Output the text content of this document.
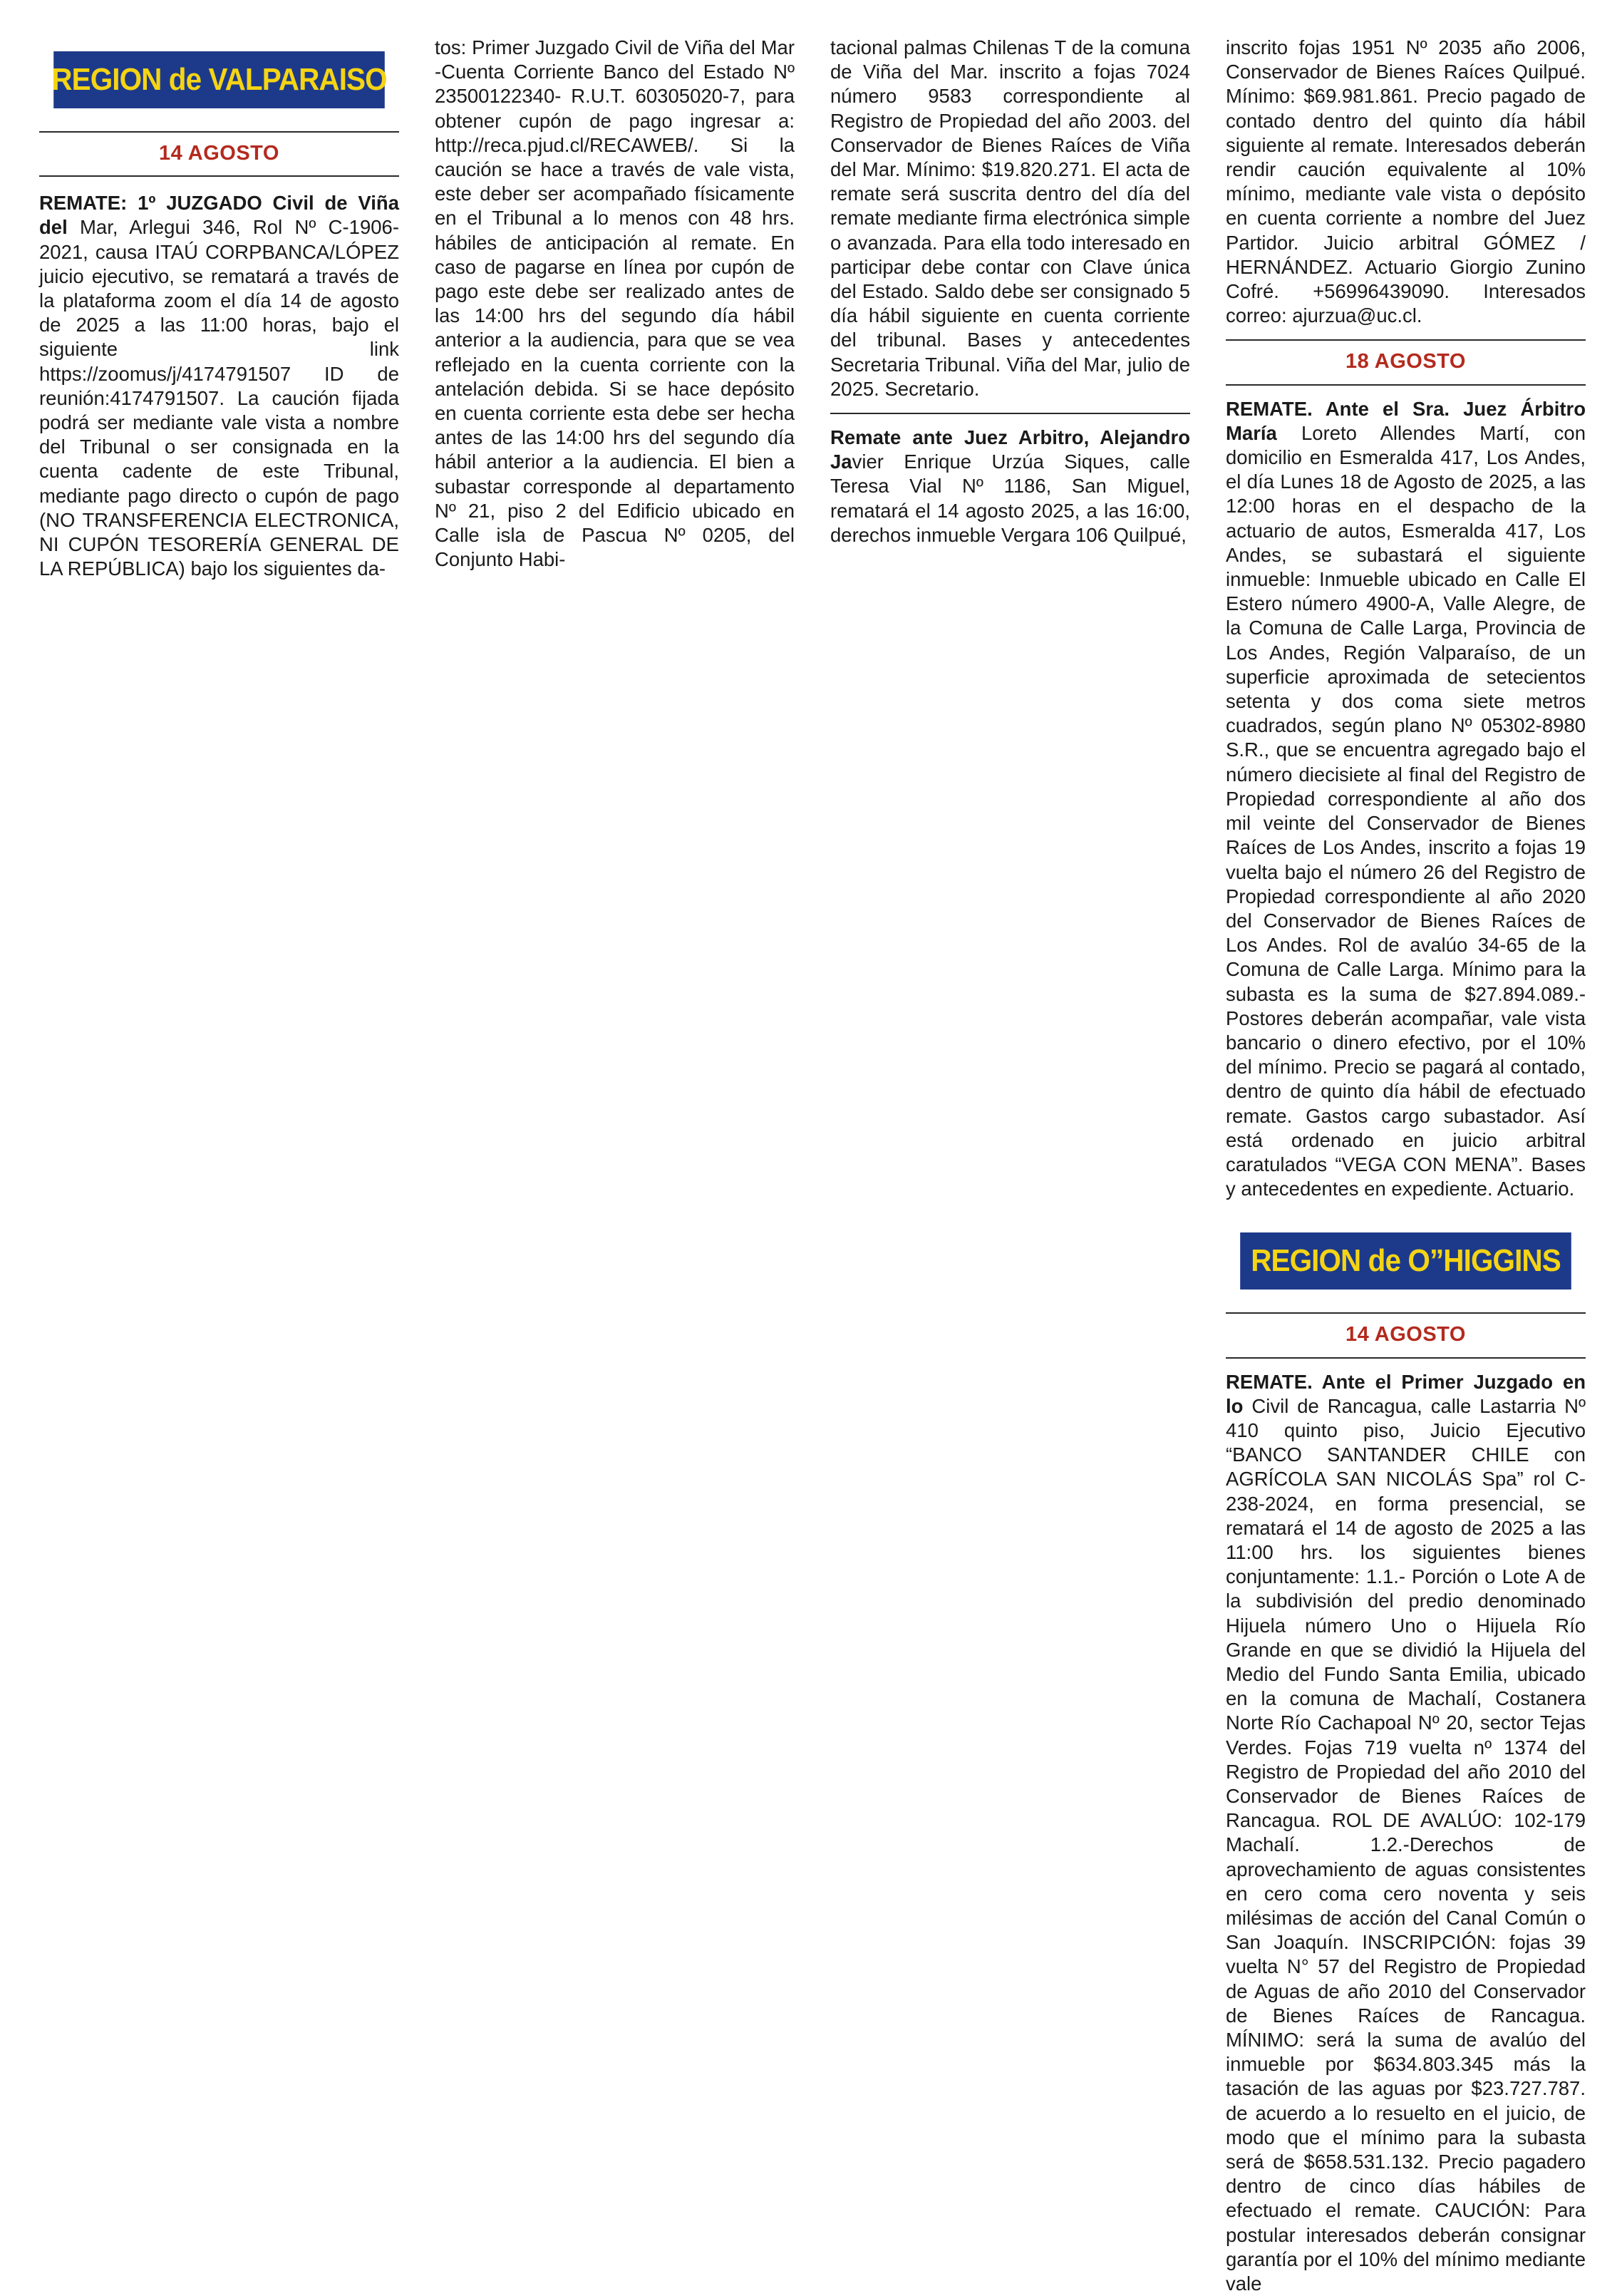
REGION de VALPARAISO
14 AGOSTO

REMATE: 1º JUZGADO Civil de Viña del Mar, Arlegui 346, Rol Nº C-1906-2021, causa ITAÚ CORPBANCA/LÓPEZ juicio ejecutivo, se rematará a través de la plataforma zoom el día 14 de agosto de 2025 a las 11:00 horas, bajo el siguiente link https://zoomus/j/4174791507 ID de reunión:4174791507. La caución fijada podrá ser mediante vale vista a nombre del Tribunal o ser consignada en la cuenta cadente de este Tribunal, mediante pago directo o cupón de pago (NO TRANSFERENCIA ELECTRONICA, NI CUPÓN TESORERÍA GENERAL DE LA REPÚBLICA) bajo los siguientes da-

tos: Primer Juzgado Civil de Viña del Mar -Cuenta Corriente Banco del Estado Nº 23500122340- R.U.T. 60305020-7, para obtener cupón de pago ingresar a: http://reca.pjud.cl/RECAWEB/. Si la caución se hace a través de vale vista, este deber ser acompañado físicamente en el Tribunal a lo menos con 48 hrs. hábiles de anticipación al remate. En caso de pagarse en línea por cupón de pago este debe ser realizado antes de las 14:00 hrs del segundo día hábil anterior a la audiencia, para que se vea reflejado en la cuenta corriente con la antelación debida. Si se hace depósito en cuenta corriente esta debe ser hecha antes de las 14:00 hrs del segundo día hábil anterior a la audiencia. El bien a subastar corresponde al departamento Nº 21, piso 2 del Edificio ubicado en Calle isla de Pascua Nº 0205, del Conjunto Habi-

tacional palmas Chilenas T de la comuna de Viña del Mar. inscrito a fojas 7024 número 9583 correspondiente al Registro de Propiedad del año 2003. del Conservador de Bienes Raíces de Viña del Mar. Mínimo: $19.820.271. El acta de remate será suscrita dentro del día del remate mediante firma electrónica simple o avanzada. Para ella todo interesado en participar debe contar con Clave única del Estado. Saldo debe ser consignado 5 día hábil siguiente en cuenta corriente del tribunal. Bases y antecedentes Secretaria Tribunal. Viña del Mar, julio de 2025. Secretario.

Remate ante Juez Arbitro, Alejandro Javier Enrique Urzúa Siques, calle Teresa Vial Nº 1186, San Miguel, rematará el 14 agosto 2025, a las 16:00, derechos inmueble Vergara 106 Quilpué,

inscrito fojas 1951 Nº 2035 año 2006, Conservador de Bienes Raíces Quilpué. Mínimo: $69.981.861. Precio pagado de contado dentro del quinto día hábil siguiente al remate. Interesados deberán rendir caución equivalente al 10% mínimo, mediante vale vista o depósito en cuenta corriente a nombre del Juez Partidor. Juicio arbitral GÓMEZ / HERNÁNDEZ. Actuario Giorgio Zunino Cofré. +56996439090. Interesados correo: ajurzua@uc.cl.

18 AGOSTO

REMATE. Ante el Sra. Juez Árbitro María Loreto Allendes Martí, con domicilio en Esmeralda 417, Los Andes, el día Lunes 18 de Agosto de 2025, a las 12:00 horas en el despacho de la actuario de autos, Esmeralda 417, Los Andes, se subastará el siguiente inmueble: Inmueble ubicado en Calle El Estero número 4900-A, Valle Alegre, de la Comuna de Calle Larga, Provincia de Los Andes, Región Valparaíso, de un superficie aproximada de setecientos setenta y dos coma siete metros cuadrados, según plano Nº 05302-8980 S.R., que se encuentra agregado bajo el número diecisiete al final del Registro de Propiedad correspondiente al año dos mil veinte del Conservador de Bienes Raíces de Los Andes, inscrito a fojas 19 vuelta bajo el número 26 del Registro de Propiedad correspondiente al año 2020 del Conservador de Bienes Raíces de Los Andes. Rol de avalúo 34-65 de la Comuna de Calle Larga. Mínimo para la subasta es la suma de $27.894.089.- Postores deberán acompañar, vale vista bancario o dinero efectivo, por el 10% del mínimo. Precio se pagará al contado, dentro de quinto día hábil de efectuado remate. Gastos cargo subastador. Así está ordenado en juicio arbitral caratulados “VEGA CON MENA”. Bases y antecedentes en expediente. Actuario.

REGION de O”HIGGINS
14 AGOSTO

REMATE. Ante el Primer Juzgado en lo Civil de Rancagua, calle Lastarria Nº 410 quinto piso, Juicio Ejecutivo “BANCO SANTANDER CHILE con AGRÍCOLA SAN NICOLÁS Spa” rol C-238-2024, en forma presencial, se rematará el 14 de agosto de 2025 a las 11:00 hrs. los siguientes bienes conjuntamente: 1.1.- Porción o Lote A de la subdivisión del predio denominado Hijuela número Uno o Hijuela Río Grande en que se dividió la Hijuela del Medio del Fundo Santa Emilia, ubicado en la comuna de Machalí, Costanera Norte Río Cachapoal Nº 20, sector Tejas Verdes. Fojas 719 vuelta nº 1374 del Registro de Propiedad del año 2010 del Conservador de Bienes Raíces de Rancagua. ROL DE AVALÚO: 102-179 Machalí. 1.2.-Derechos de aprovechamiento de aguas consistentes en cero coma cero noventa y seis milésimas de acción del Canal Común o San Joaquín. INSCRIPCIÓN: fojas 39 vuelta N° 57 del Registro de Propiedad de Aguas de año 2010 del Conservador de Bienes Raíces de Rancagua. MÍNIMO: será la suma de avalúo del inmueble por $634.803.345 más la tasación de las aguas por $23.727.787. de acuerdo a lo resuelto en el juicio, de modo que el mínimo para la subasta será de $658.531.132. Precio pagadero dentro de cinco días hábiles de efectuado el remate. CAUCIÓN: Para postular interesados deberán consignar garantía por el 10% del mínimo mediante vale
